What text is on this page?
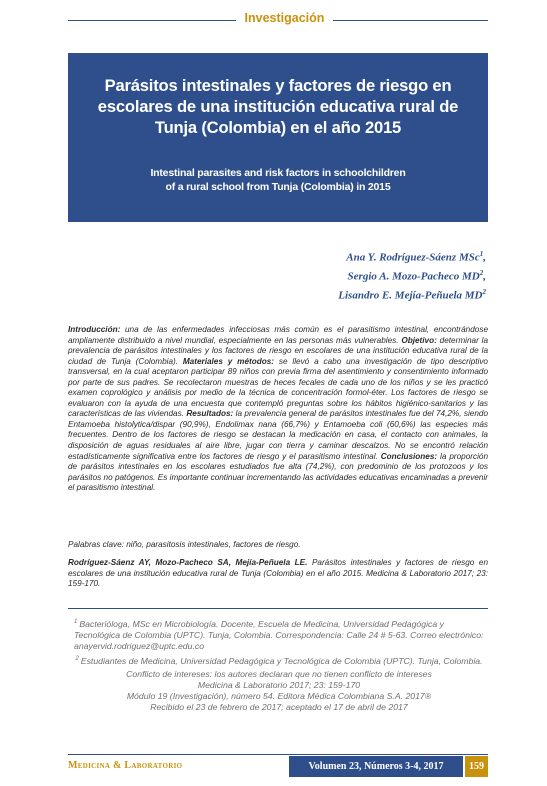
Investigación
Parásitos intestinales y factores de riesgo en escolares de una institución educativa rural de Tunja (Colombia) en el año 2015
Intestinal parasites and risk factors in schoolchildren
of a rural school from Tunja (Colombia) in 2015
Ana Y. Rodríguez-Sáenz MSc$^1$,
Sergio A. Mozo-Pacheco $MD^2$,
Lisandro E. Mejía-Peñuela $MD^2$
Introducción: una de las enfermedades infecciosas más común es el parasitismo intestinal, encontrándose ampliamente distribuido a nivel mundial, especialmente en las personas más vulnerables. Objetivo: determinar la prevalencia de parásitos intestinales y los factores de riesgo en escolares de una institución educativa rural de la ciudad de Tunja (Colombia). Materiales y métodos: se llevó a cabo una investigación de tipo descriptivo transversal, en la cual aceptaron participar 89 niños con previa firma del asentimiento y consentimiento informado por parte de sus padres. Se recolectaron muestras de heces fecales de cada uno de los niños y se les practicó examen coprológico y análisis por medio de la técnica de concentración formol-éter. Los factores de riesgo se evaluaron con la ayuda de una encuesta que contempló preguntas sobre los hábitos higiénico-sanitarios y las características de las viviendas. Resultados: la prevalencia general de parásitos intestinales fue del 74,2%, siendo Entamoeba histolytica/dispar (90,9%), Endolimax nana (66,7%) y Entamoeba coli (60,6%) las especies más frecuentes. Dentro de los factores de riesgo se destacan la medicación en casa, el contacto con animales, la disposición de aguas residuales al aire libre, jugar con tierra y caminar descalzos. No se encontró relación estadísticamente significativa entre los factores de riesgo y el parasitismo intestinal. Conclusiones: la proporción de parásitos intestinales en los escolares estudiados fue alta (74,2%), con predominio de los protozoos y los parásitos no patógenos. Es importante continuar incrementando las actividades educativas encaminadas a prevenir el parasitismo intestinal.
Palabras clave: niño, parasitosis intestinales, factores de riesgo.
Rodríguez-Sáenz AY, Mozo-Pacheco SA, Mejía-Peñuela LE. Parásitos intestinales y factores de riesgo en escolares de una institución educativa rural de Tunja (Colombia) en el año 2015. Medicina & Laboratorio 2017; 23: 159-170.

$^1$ Bacterióloga, MSc en Microbiología. Docente, Escuela de Medicina, Universidad Pedagógica y Tecnológica de Colombia (UPTC). Tunja, Colombia. Correspondencia: Calle 24 # 5-63. Correo electrónico: anayervid.rodriguez@uptc.edu.co

$^2$ Estudiantes de Medicina, Universidad Pedagógica y Tecnológica de Colombia (UPTC). Tunja, Colombia.

Conflicto de intereses: los autores declaran que no tienen conflicto de intereses
Medicina & Laboratorio 2017; 23: 159-170
Módulo 19 (Investigación), número 54. Editora Médica Colombiana S.A. 2017®
Recibido el 23 de febrero de 2017; aceptado el 17 de abril de 2017
Medicina & Laboratorio	Volumen 23, Números 3-4, 2017	159
